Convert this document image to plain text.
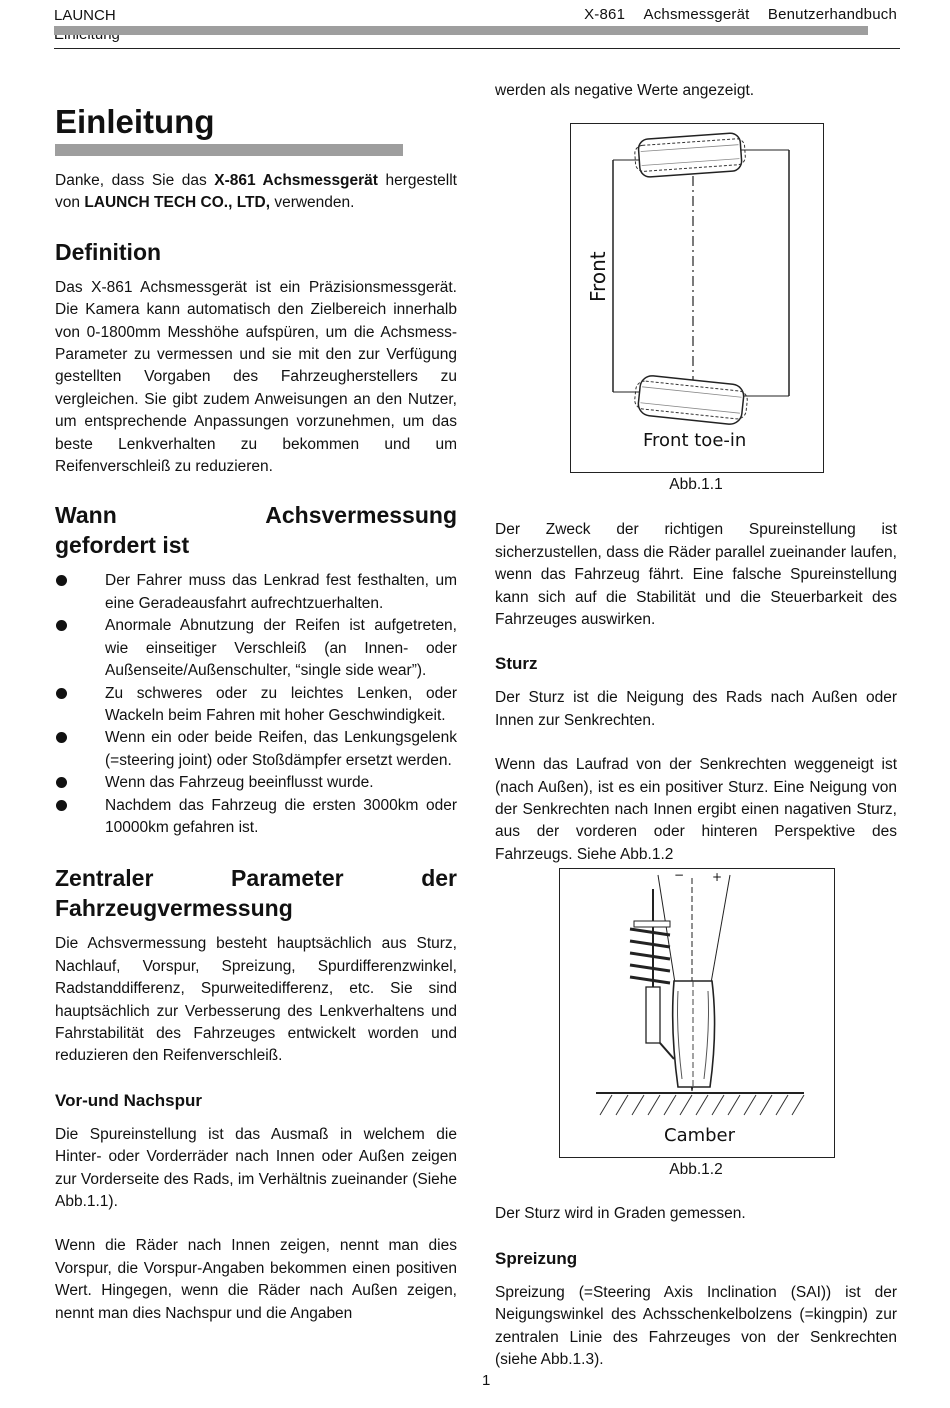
LAUNCH	X-861 Achsmessgerät Benutzerhandbuch
Einleitung

Danke, dass Sie das X-861 Achsmessgerät hergestellt von LAUNCH TECH CO., LTD, verwenden.

Definition

Das X-861 Achsmessgerät ist ein Präzisionsmessgerät. Die Kamera kann automatisch den Zielbereich innerhalb von 0-1800mm Messhöhe aufspüren, um die Achsmess-Parameter zu vermessen und sie mit den zur Verfügung gestellten Vorgaben des Fahrzeugherstellers zu vergleichen. Sie gibt zudem Anweisungen an den Nutzer, um entsprechende Anpassungen vorzunehmen, um das beste Lenkverhalten zu bekommen und um Reifenverschleiß zu reduzieren.

Wann Achsvermessung
gefordert ist
Der Fahrer muss das Lenkrad fest festhalten, um eine Geradeausfahrt aufrechtzuerhalten.
Anormale Abnutzung der Reifen ist aufgetreten, wie einseitiger Verschleiß (an Innen- oder Außenseite/Außenschulter, “single side wear”).
Zu schweres oder zu leichtes Lenken, oder Wackeln beim Fahren mit hoher Geschwindigkeit.
Wenn ein oder beide Reifen, das Lenkungsgelenk (=steering joint) oder Stoßdämpfer ersetzt werden.
Wenn das Fahrzeug beeinflusst wurde.
Nachdem das Fahrzeug die ersten 3000km oder 10000km gefahren ist.
Zentraler Parameter der
Fahrzeugvermessung

Die Achsvermessung besteht hauptsächlich aus Sturz, Nachlauf, Vorspur, Spreizung, Spurdifferenzwinkel, Radstanddifferenz, Spurweitedifferenz, etc. Sie sind hauptsächlich zur Verbesserung des Lenkverhaltens und Fahrstabilität des Fahrzeuges entwickelt worden und reduzieren den Reifenverschleiß.

Vor-und Nachspur

Die Spureinstellung ist das Ausmaß in welchem die Hinter- oder Vorderräder nach Innen oder Außen zeigen zur Vorderseite des Rads, im Verhältnis zueinander (Siehe Abb.1.1).

Wenn die Räder nach Innen zeigen, nennt man dies Vorspur, die Vorspur-Angaben bekommen einen positiven Wert. Hingegen, wenn die Räder nach Außen zeigen, nennt man dies Nachspur und die Angaben

werden als negative Werte angezeigt.

Front
Front toe-in
Abb.1.1

Der Zweck der richtigen Spureinstellung ist sicherzustellen, dass die Räder parallel zueinander laufen, wenn das Fahrzeug fährt. Eine falsche Spureinstellung kann sich auf die Stabilität und die Steuerbarkeit des Fahrzeuges auswirken.

Sturz

Der Sturz ist die Neigung des Rads nach Außen oder Innen zur Senkrechten.

Wenn das Laufrad von der Senkrechten weggeneigt ist (nach Außen), ist es ein positiver Sturz. Eine Neigung von der Senkrechten nach Innen ergibt einen nagativen Sturz, aus der vorderen oder hinteren Perspektive des Fahrzeugs. Siehe Abb.1.2

− +
Camber
Abb.1.2

Der Sturz wird in Graden gemessen.

Spreizung

Spreizung (=Steering Axis Inclination (SAI)) ist der Neigungswinkel des Achsschenkelbolzens (=kingpin) zur zentralen Linie des Fahrzeuges von der Senkrechten (siehe Abb.1.3).

1
